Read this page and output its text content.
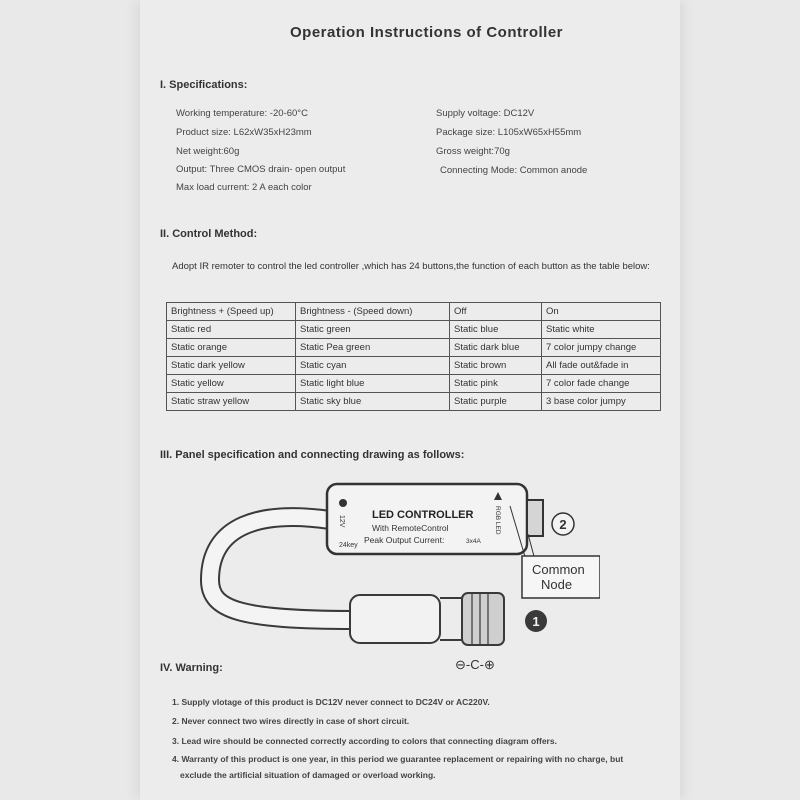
Operation Instructions of Controller
I. Specifications:
Working temperature: -20-60°C
Product size: L62xW35xH23mm
Net weight:60g
Output: Three CMOS drain- open output
Max load current: 2 A each color
Supply voltage: DC12V
Package size: L105xW65xH55mm
Gross weight:70g
Connecting Mode: Common anode
II. Control Method:
Adopt IR remoter to control the led controller ,which has 24 buttons,the function of each button as the table below:
Brightness + (Speed up)	Brightness - (Speed down)	Off	On
Static red	Static green	Static blue	Static white
Static orange	Static Pea green	Static dark blue	7 color jumpy change
Static dark yellow	Static cyan	Static brown	All fade out&fade in
Static yellow	Static light blue	Static pink	7 color fade change
Static straw yellow	Static sky blue	Static purple	3 base color jumpy
III. Panel specification and connecting drawing as follows:
LED CONTROLLER
With RemoteControl
Peak Output Current:	3x4A
12V
24key
RGB LED
Common
Node
2
1
⊖-C-⊕
IV. Warning:
1. Supply vlotage of this product is DC12V never connect to DC24V or AC220V.
2. Never connect two wires directly in case of short circuit.
3. Lead wire should be connected correctly according to colors that connecting diagram offers.
4. Warranty of this product is one year, in this period we guarantee replacement or repairing with no charge, but
exclude the artificial situation of damaged or overload working.
